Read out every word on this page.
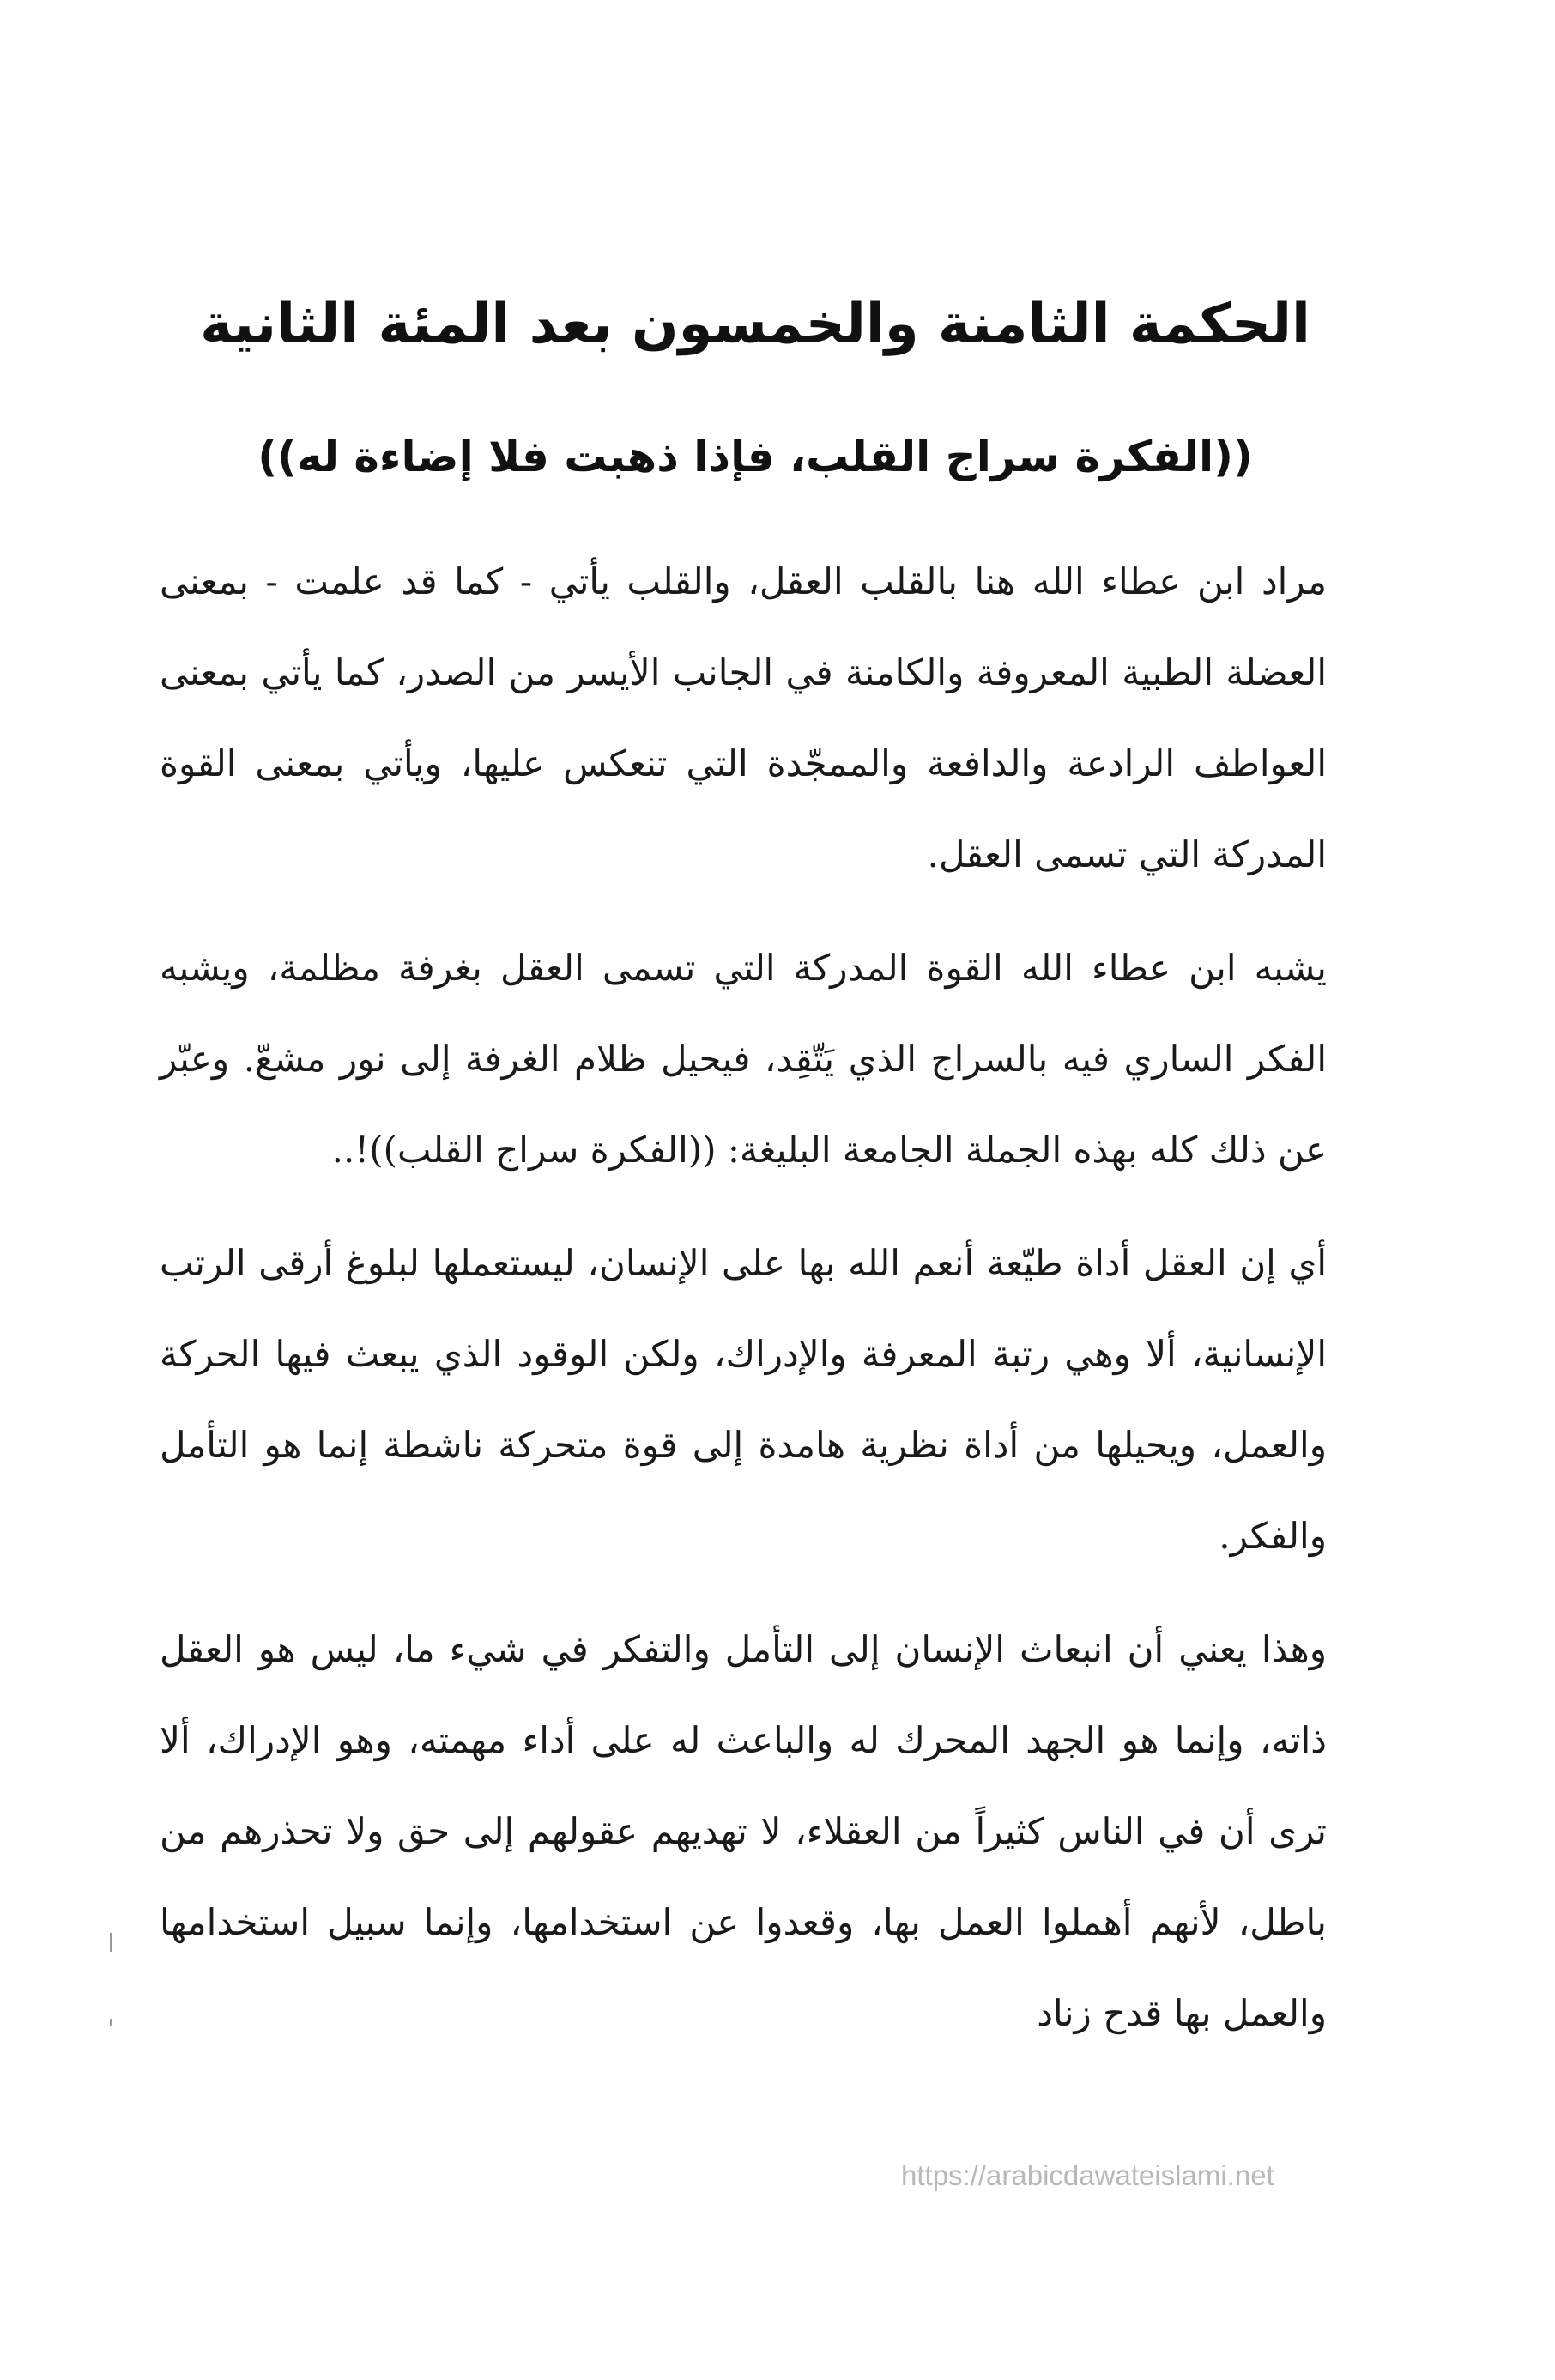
الحكمة الثامنة والخمسون بعد المئة الثانية
((الفكرة سراج القلب، فإذا ذهبت فلا إضاءة له))

مراد ابن عطاء الله هنا بالقلب العقل، والقلب يأتي - كما قد علمت - بمعنى العضلة الطبية المعروفة والكامنة في الجانب الأيسر من الصدر، كما يأتي بمعنى العواطف الرادعة والدافعة والممجّدة التي تنعكس عليها، ويأتي بمعنى القوة المدركة التي تسمى العقل.

يشبه ابن عطاء الله القوة المدركة التي تسمى العقل بغرفة مظلمة، ويشبه الفكر الساري فيه بالسراج الذي يَتّقِد، فيحيل ظلام الغرفة إلى نور مشعّ. وعبّر عن ذلك كله بهذه الجملة الجامعة البليغة: ((الفكرة سراج القلب))!..

أي إن العقل أداة طيّعة أنعم الله بها على الإنسان، ليستعملها لبلوغ أرقى الرتب الإنسانية، ألا وهي رتبة المعرفة والإدراك، ولكن الوقود الذي يبعث فيها الحركة والعمل، ويحيلها من أداة نظرية هامدة إلى قوة متحركة ناشطة إنما هو التأمل والفكر.

وهذا يعني أن انبعاث الإنسان إلى التأمل والتفكر في شيء ما، ليس هو العقل ذاته، وإنما هو الجهد المحرك له والباعث له على أداء مهمته، وهو الإدراك، ألا ترى أن في الناس كثيراً من العقلاء، لا تهديهم عقولهم إلى حق ولا تحذرهم من باطل، لأنهم أهملوا العمل بها، وقعدوا عن استخدامها، وإنما سبيل استخدامها والعمل بها قدح زناد

https://arabicdawateislami.net
